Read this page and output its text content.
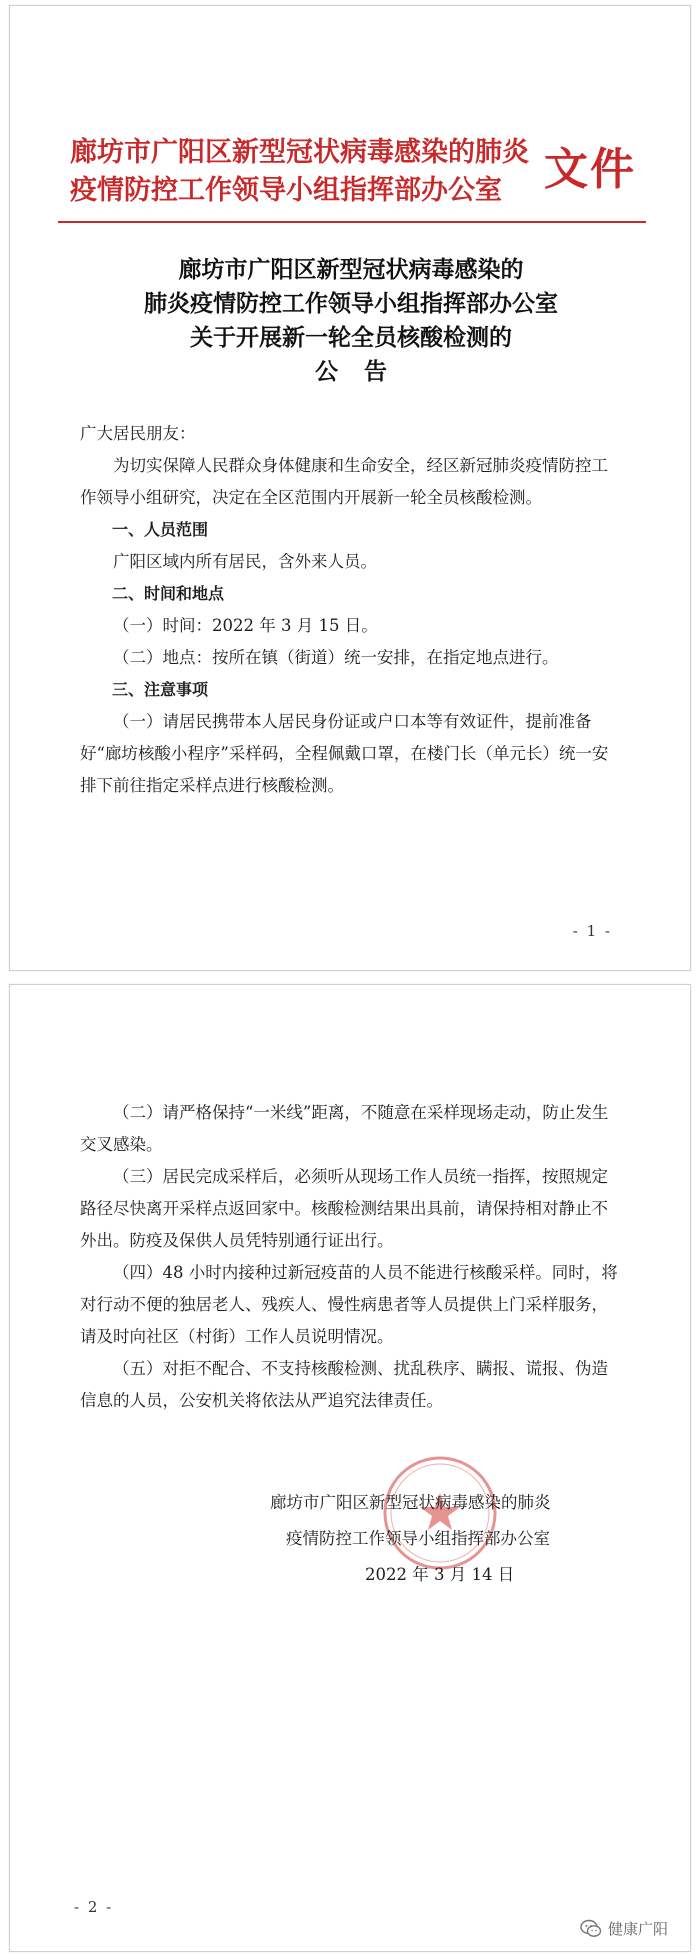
廊坊市广阳区新型冠状病毒感染的肺炎
疫情防控工作领导小组指挥部办公室 文件
廊坊市广阳区新型冠状病毒感染的
肺炎疫情防控工作领导小组指挥部办公室
关于开展新一轮全员核酸检测的
公告

广大居民朋友：

为切实保障人民群众身体健康和生命安全，经区新冠肺炎疫情防控工作领导小组研究，决定在全区范围内开展新一轮全员核酸检测。

一、人员范围

广阳区域内所有居民，含外来人员。

二、时间和地点

（一）时间：2022 年 3 月 15 日。

（二）地点：按所在镇（街道）统一安排，在指定地点进行。

三、注意事项

（一）请居民携带本人居民身份证或户口本等有效证件，提前准备好“廊坊核酸小程序”采样码，全程佩戴口罩，在楼门长（单元长）统一安排下前往指定采样点进行核酸检测。

- 1 -

（二）请严格保持“一米线”距离，不随意在采样现场走动，防止发生交叉感染。

（三）居民完成采样后，必须听从现场工作人员统一指挥，按照规定路径尽快离开采样点返回家中。核酸检测结果出具前，请保持相对静止不外出。防疫及保供人员凭特别通行证出行。

（四）48 小时内接种过新冠疫苗的人员不能进行核酸采样。同时，将对行动不便的独居老人、残疾人、慢性病患者等人员提供上门采样服务，请及时向社区（村街）工作人员说明情况。

（五）对拒不配合、不支持核酸检测、扰乱秩序、瞒报、谎报、伪造信息的人员，公安机关将依法从严追究法律责任。

廊坊市广阳区新型冠状病毒感染的肺炎
疫情防控工作领导小组指挥部办公室
2022 年 3 月 14 日
- 2 -
健康广阳
